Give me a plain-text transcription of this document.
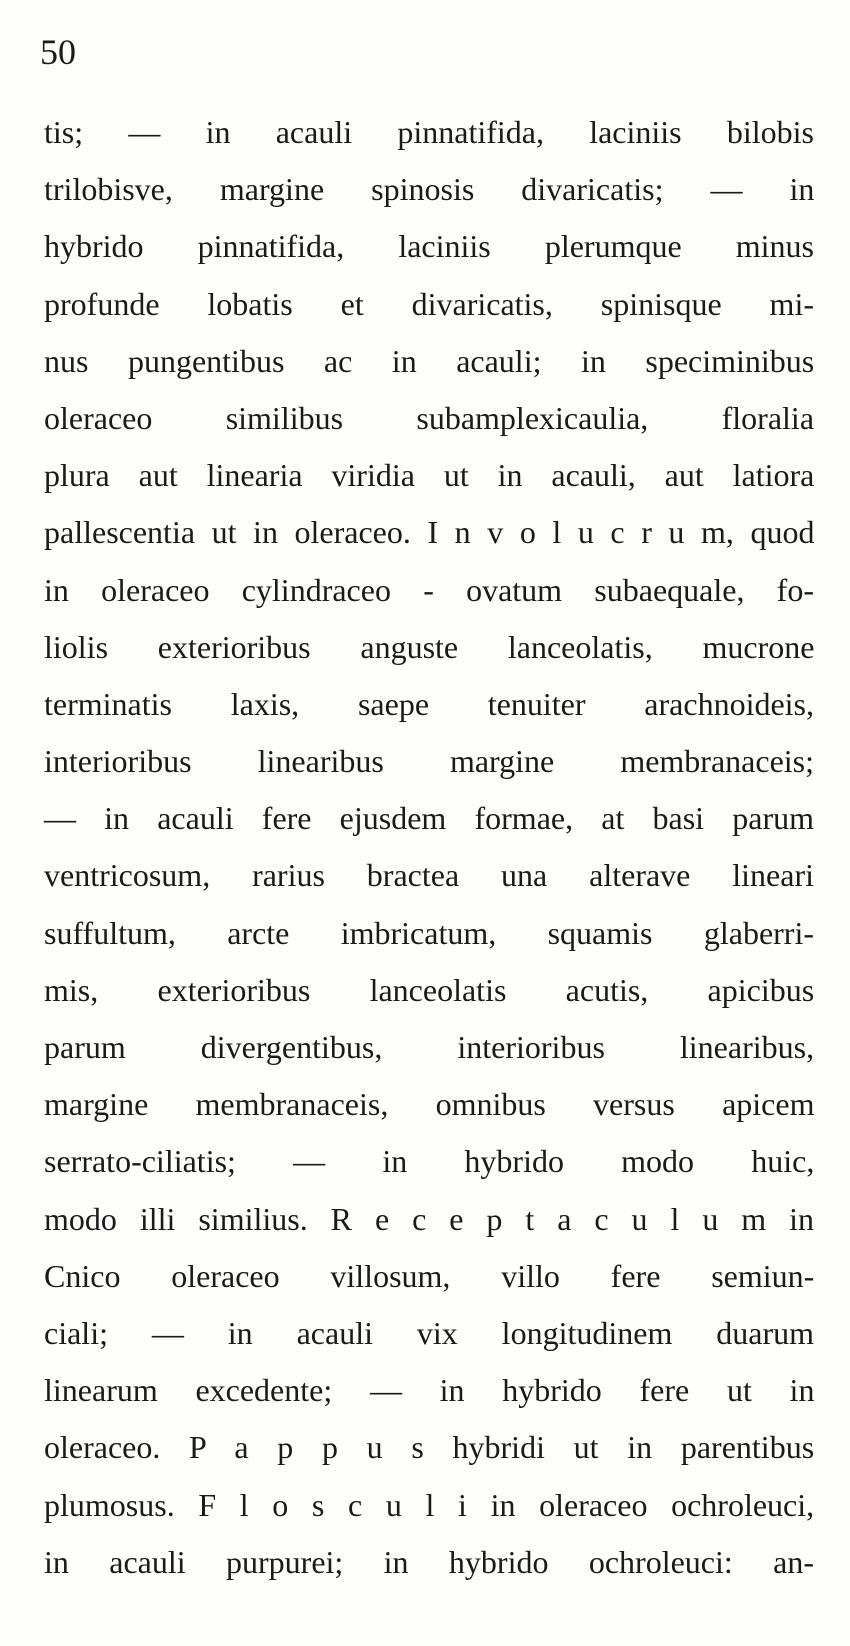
50
tis; — in acauli pinnatifida, laciniis bilobis
trilobisve, margine spinosis divaricatis; — in
hybrido pinnatifida, laciniis plerumque minus
profunde lobatis et divaricatis, spinisque mi-
nus pungentibus ac in acauli; in speciminibus
oleraceo similibus subamplexicaulia, floralia
plura aut linearia viridia ut in acauli, aut latiora
pallescentia ut in oleraceo. I n v o l u c r u m, quod
in oleraceo cylindraceo - ovatum subaequale, fo-
liolis exterioribus anguste lanceolatis, mucrone
terminatis laxis, saepe tenuiter arachnoideis,
interioribus linearibus margine membranaceis;
— in acauli fere ejusdem formae, at basi parum
ventricosum, rarius bractea una alterave lineari
suffultum, arcte imbricatum, squamis glaberri-
mis, exterioribus lanceolatis acutis, apicibus
parum divergentibus, interioribus linearibus,
margine membranaceis, omnibus versus apicem
serrato-ciliatis; — in hybrido modo huic,
modo illi similius. R e c e p t a c u l u m in
Cnico oleraceo villosum, villo fere semiun-
ciali; — in acauli vix longitudinem duarum
linearum excedente; — in hybrido fere ut in
oleraceo. P a p p u s hybridi ut in parentibus
plumosus. F l o s c u l i in oleraceo ochroleuci,
in acauli purpurei; in hybrido ochroleuci: an-
